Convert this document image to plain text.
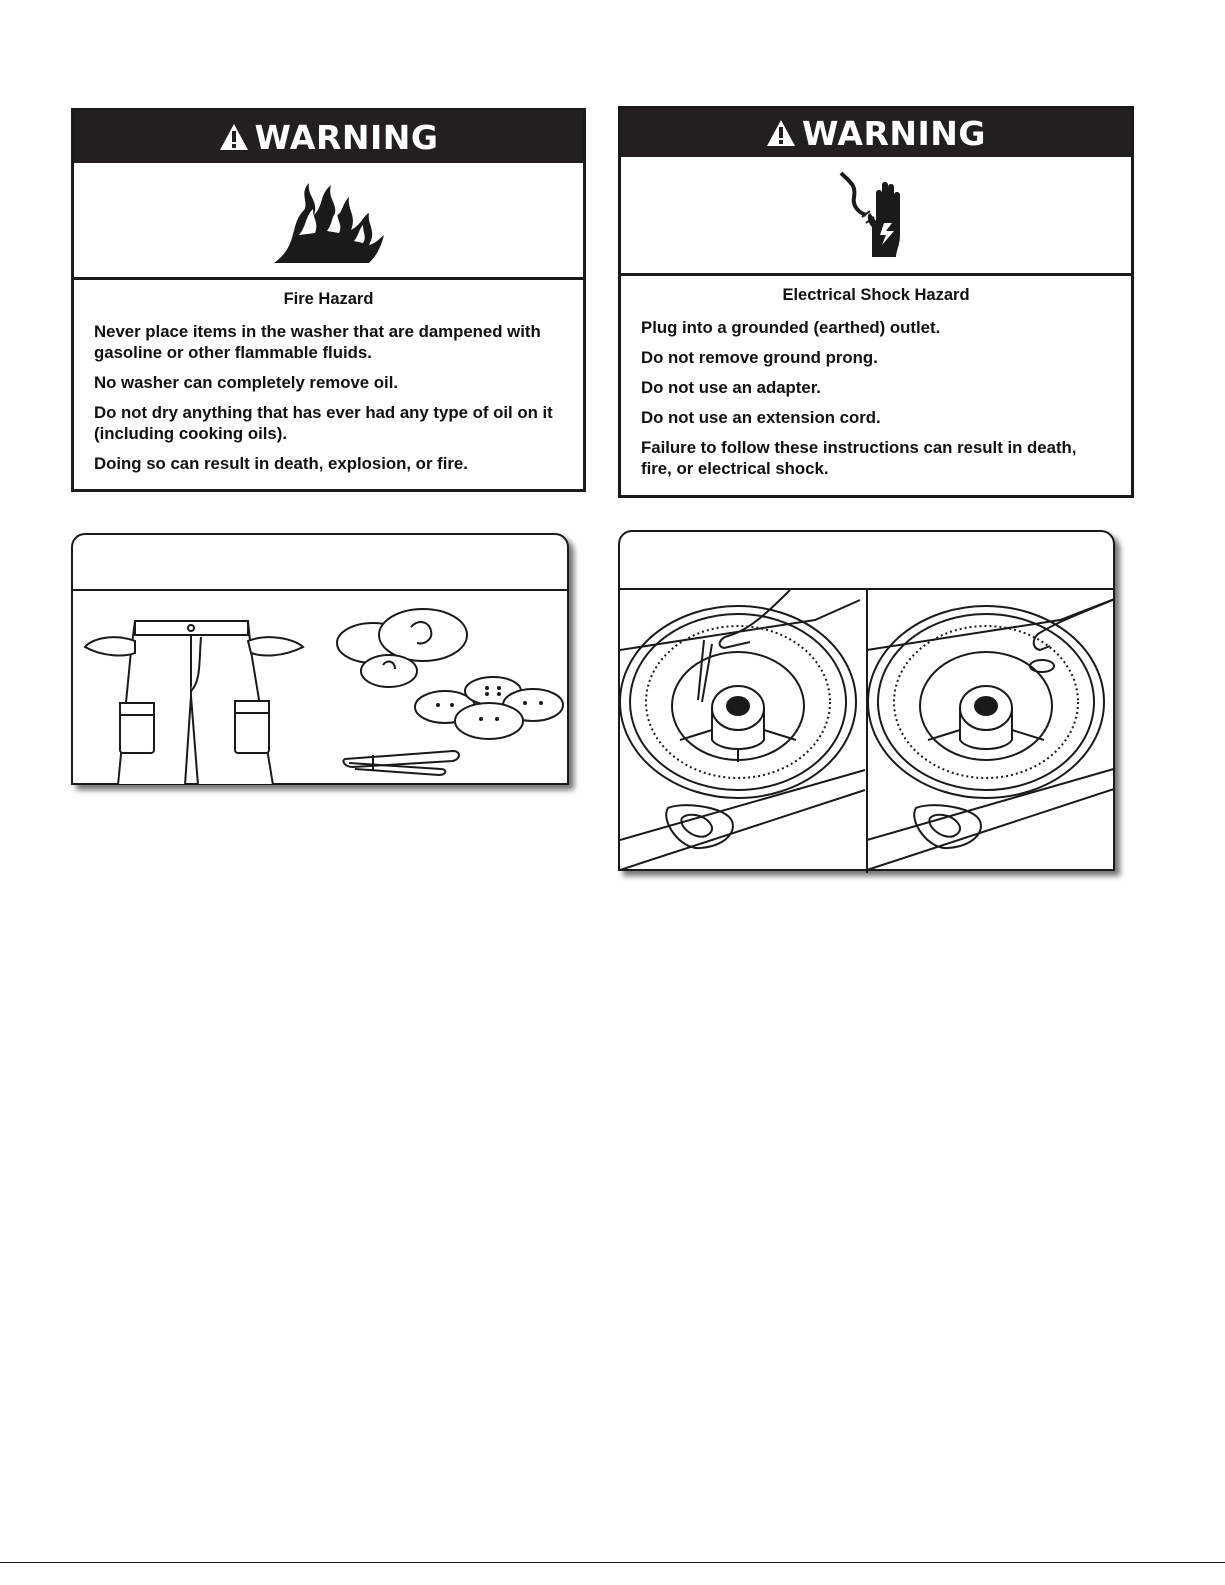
WARNING

Fire Hazard

Never place items in the washer that are dampened with gasoline or other flammable fluids.

No washer can completely remove oil.

Do not dry anything that has ever had any type of oil on it (including cooking oils).

Doing so can result in death, explosion, or fire.

WARNING

Electrical Shock Hazard

Plug into a grounded (earthed) outlet.

Do not remove ground prong.

Do not use an adapter.

Do not use an extension cord.

Failure to follow these instructions can result in death, fire, or electrical shock.
